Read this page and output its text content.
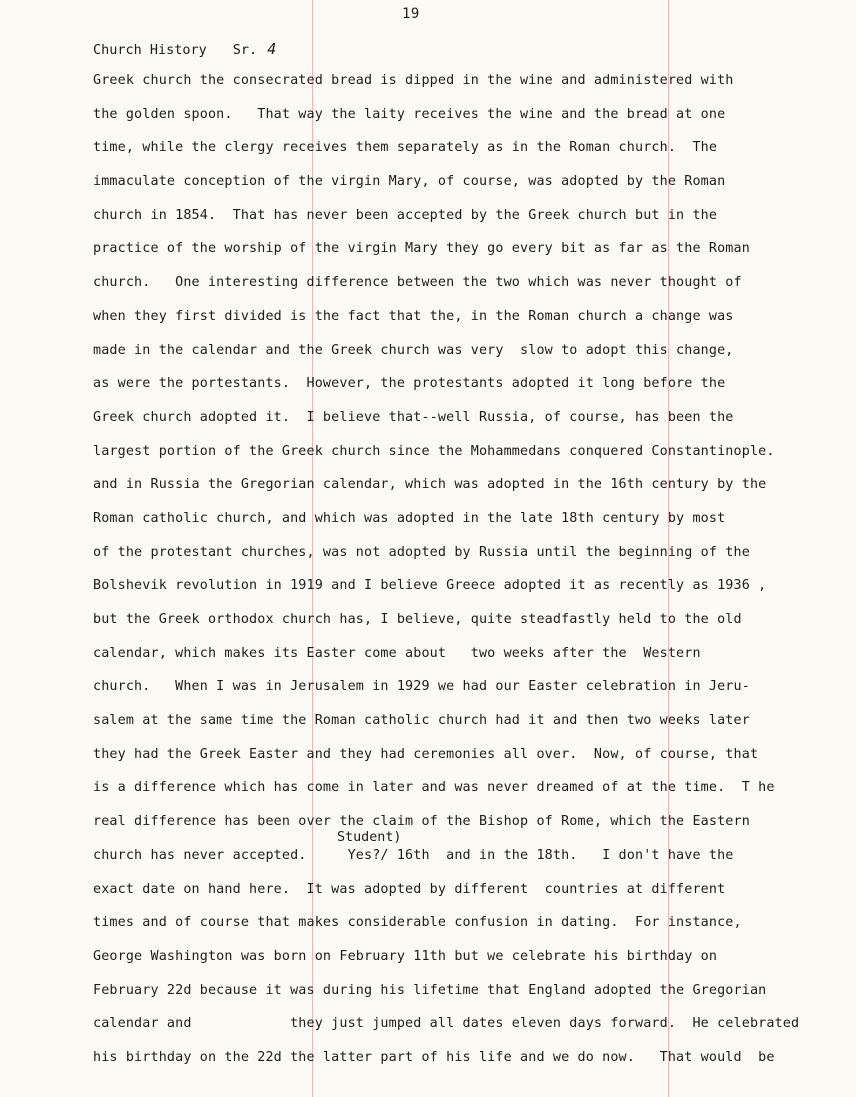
19
Church History Sr. 4
Student)
Greek church the consecrated bread is dipped in the wine and administered with
the golden spoon.   That way the laity receives the wine and the bread at one
time, while the clergy receives them separately as in the Roman church.  The
immaculate conception of the virgin Mary, of course, was adopted by the Roman
church in 1854.  That has never been accepted by the Greek church but in the
practice of the worship of the virgin Mary they go every bit as far as the Roman
church.   One interesting difference between the two which was never thought of
when they first divided is the fact that the, in the Roman church a change was
made in the calendar and the Greek church was very  slow to adopt this change,
as were the portestants.  However, the protestants adopted it long before the
Greek church adopted it.  I believe that--well Russia, of course, has been the
largest portion of the Greek church since the Mohammedans conquered Constantinople.
and in Russia the Gregorian calendar, which was adopted in the 16th century by the
Roman catholic church, and which was adopted in the late 18th century by most
of the protestant churches, was not adopted by Russia until the beginning of the
Bolshevik revolution in 1919 and I believe Greece adopted it as recently as 1936 ,
but the Greek orthodox church has, I believe, quite steadfastly held to the old
calendar, which makes its Easter come about   two weeks after the  Western
church.   When I was in Jerusalem in 1929 we had our Easter celebration in Jeru-
salem at the same time the Roman catholic church had it and then two weeks later
they had the Greek Easter and they had ceremonies all over.  Now, of course, that
is a difference which has come in later and was never dreamed of at the time.  T he
real difference has been over the claim of the Bishop of Rome, which the Eastern
church has never accepted.     Yes?/ 16th  and in the 18th.   I don't have the
exact date on hand here.  It was adopted by different  countries at different
times and of course that makes considerable confusion in dating.  For instance,
George Washington was born on February 11th but we celebrate his birthday on
February 22d because it was during his lifetime that England adopted the Gregorian
calendar and            they just jumped all dates eleven days forward.  He celebrated
his birthday on the 22d the latter part of his life and we do now.   That would  be
